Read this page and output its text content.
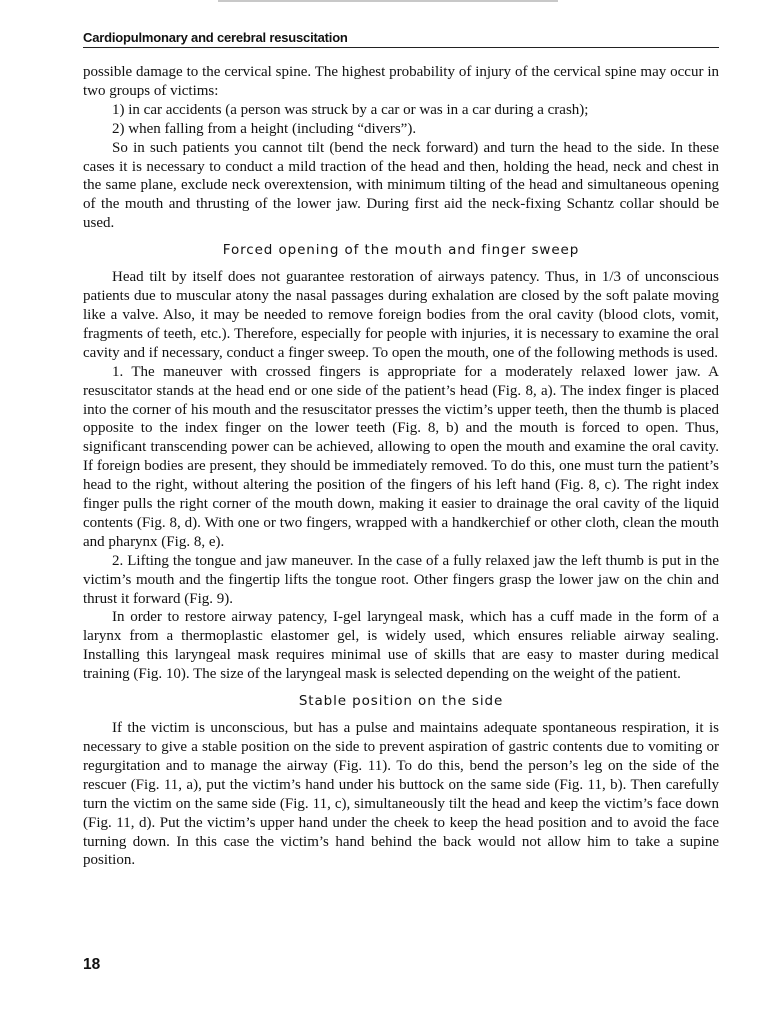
Cardiopulmonary and cerebral resuscitation

possible damage to the cervical spine. The highest probability of injury of the cervical spine may occur in two groups of victims:

1) in car accidents (a person was struck by a car or was in a car during a crash);

2) when falling from a height (including “divers”).

So in such patients you cannot tilt (bend the neck forward) and turn the head to the side. In these cases it is necessary to conduct a mild traction of the head and then, holding the head, neck and chest in the same plane, exclude neck overextension, with minimum tilting of the head and simultaneous opening of the mouth and thrusting of the lower jaw. During first aid the neck-fixing Schantz collar should be used.

Forced opening of the mouth and finger sweep

Head tilt by itself does not guarantee restoration of airways patency. Thus, in 1/3 of unconscious patients due to muscular atony the nasal passages during exhalation are closed by the soft palate moving like a valve. Also, it may be needed to remove foreign bodies from the oral cavity (blood clots, vomit, fragments of teeth, etc.). Therefore, especially for people with injuries, it is necessary to examine the oral cavity and if necessary, conduct a finger sweep. To open the mouth, one of the following methods is used.

1. The maneuver with crossed fingers is appropriate for a moderately relaxed lower jaw. A resuscitator stands at the head end or one side of the patient’s head (Fig. 8, a). The index finger is placed into the corner of his mouth and the resuscitator presses the victim’s upper teeth, then the thumb is placed opposite to the index finger on the lower teeth (Fig. 8, b) and the mouth is forced to open. Thus, significant transcending power can be achieved, allowing to open the mouth and examine the oral cavity. If foreign bodies are present, they should be immediately removed. To do this, one must turn the patient’s head to the right, without altering the position of the fingers of his left hand (Fig. 8, c). The right index finger pulls the right corner of the mouth down, making it easier to drainage the oral cavity of the liquid contents (Fig. 8, d). With one or two fingers, wrapped with a handkerchief or other cloth, clean the mouth and pharynx (Fig. 8, e).

2. Lifting the tongue and jaw maneuver. In the case of a fully relaxed jaw the left thumb is put in the victim’s mouth and the fingertip lifts the tongue root. Other fingers grasp the lower jaw on the chin and thrust it forward (Fig. 9).

In order to restore airway patency, I-gel laryngeal mask, which has a cuff made in the form of a larynx from a thermoplastic elastomer gel, is widely used, which ensures reliable airway sealing. Installing this laryngeal mask requires minimal use of skills that are easy to master during medical training (Fig. 10). The size of the laryngeal mask is selected depending on the weight of the patient.

Stable position on the side

If the victim is unconscious, but has a pulse and maintains adequate spontaneous respiration, it is necessary to give a stable position on the side to prevent aspiration of gastric contents due to vomiting or regurgitation and to manage the airway (Fig. 11). To do this, bend the person’s leg on the side of the rescuer (Fig. 11, a), put the victim’s hand under his buttock on the same side (Fig. 11, b). Then carefully turn the victim on the same side (Fig. 11, c), simultaneously tilt the head and keep the victim’s face down (Fig. 11, d). Put the victim’s upper hand under the cheek to keep the head position and to avoid the face turning down. In this case the victim’s hand behind the back would not allow him to take a supine position.

18
